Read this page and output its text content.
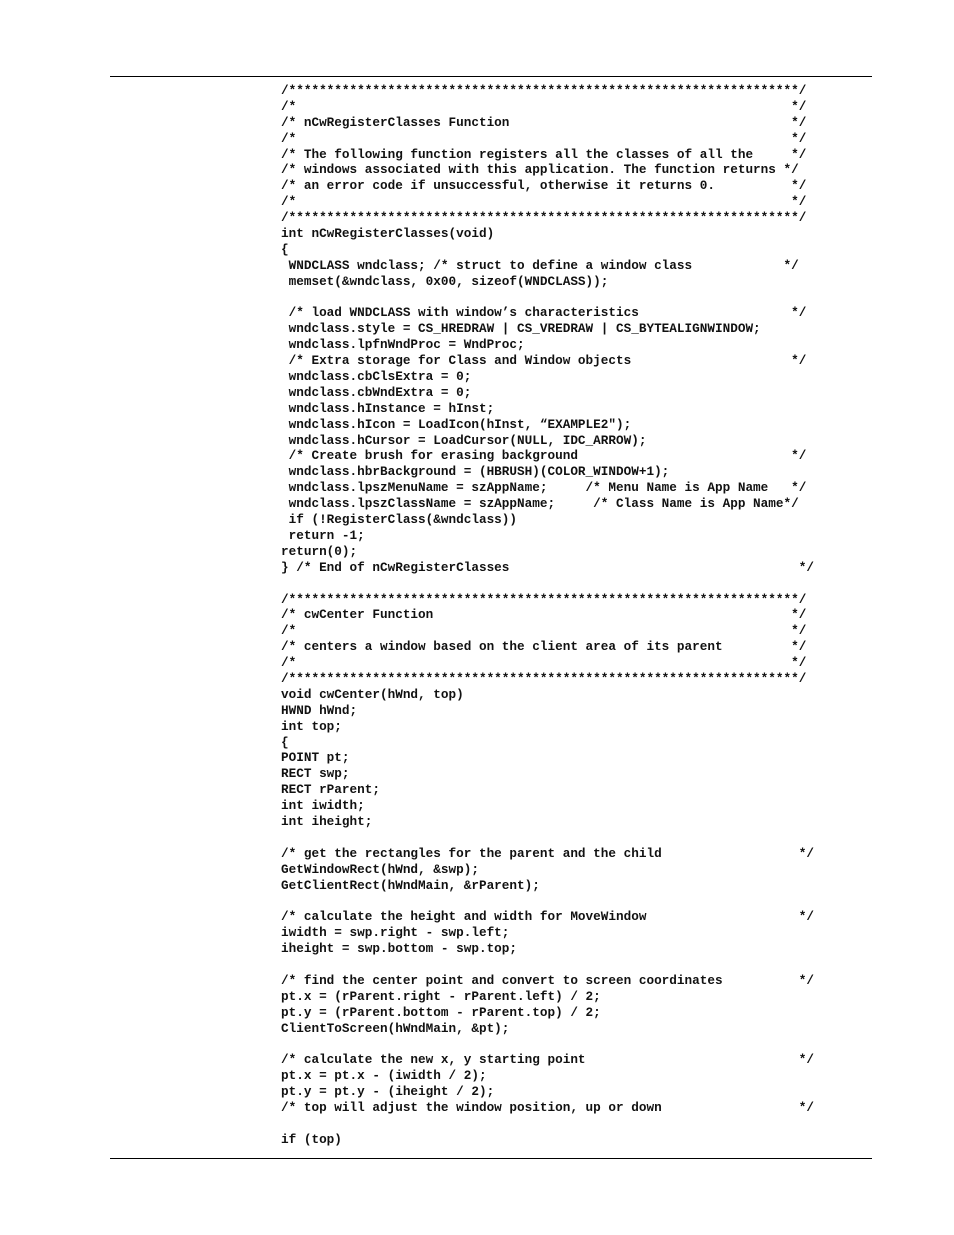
/*******************************************************************/
/*                                                                 */
/* nCwRegisterClasses Function                                     */
/*                                                                 */
/* The following function registers all the classes of all the     */
/* windows associated with this application. The function returns */
/* an error code if unsuccessful, otherwise it returns 0.          */
/*                                                                 */
/*******************************************************************/
int nCwRegisterClasses(void)
{
WNDCLASS wndclass; /* struct to define a window class            */
memset(&wndclass, 0x00, sizeof(WNDCLASS));
/* load WNDCLASS with window’s characteristics                    */
wndclass.style = CS_HREDRAW | CS_VREDRAW | CS_BYTEALIGNWINDOW;
wndclass.lpfnWndProc = WndProc;
/* Extra storage for Class and Window objects                     */
wndclass.cbClsExtra = 0;
wndclass.cbWndExtra = 0;
wndclass.hInstance = hInst;
wndclass.hIcon = LoadIcon(hInst, “EXAMPLE2");
wndclass.hCursor = LoadCursor(NULL, IDC_ARROW);
/* Create brush for erasing background                            */
wndclass.hbrBackground = (HBRUSH)(COLOR_WINDOW+1);
wndclass.lpszMenuName = szAppName;     /* Menu Name is App Name   */
wndclass.lpszClassName = szAppName;     /* Class Name is App Name*/
if (!RegisterClass(&wndclass))
return -1;
return(0);
} /* End of nCwRegisterClasses                                      */
/*******************************************************************/
/* cwCenter Function                                               */
/*                                                                 */
/* centers a window based on the client area of its parent         */
/*                                                                 */
/*******************************************************************/
void cwCenter(hWnd, top)
HWND hWnd;
int top;
{
POINT pt;
RECT swp;
RECT rParent;
int iwidth;
int iheight;
/* get the rectangles for the parent and the child                  */
GetWindowRect(hWnd, &swp);
GetClientRect(hWndMain, &rParent);
/* calculate the height and width for MoveWindow                    */
iwidth = swp.right - swp.left;
iheight = swp.bottom - swp.top;
/* find the center point and convert to screen coordinates          */
pt.x = (rParent.right - rParent.left) / 2;
pt.y = (rParent.bottom - rParent.top) / 2;
ClientToScreen(hWndMain, &pt);
/* calculate the new x, y starting point                            */
pt.x = pt.x - (iwidth / 2);
pt.y = pt.y - (iheight / 2);
/* top will adjust the window position, up or down                  */
if (top)
